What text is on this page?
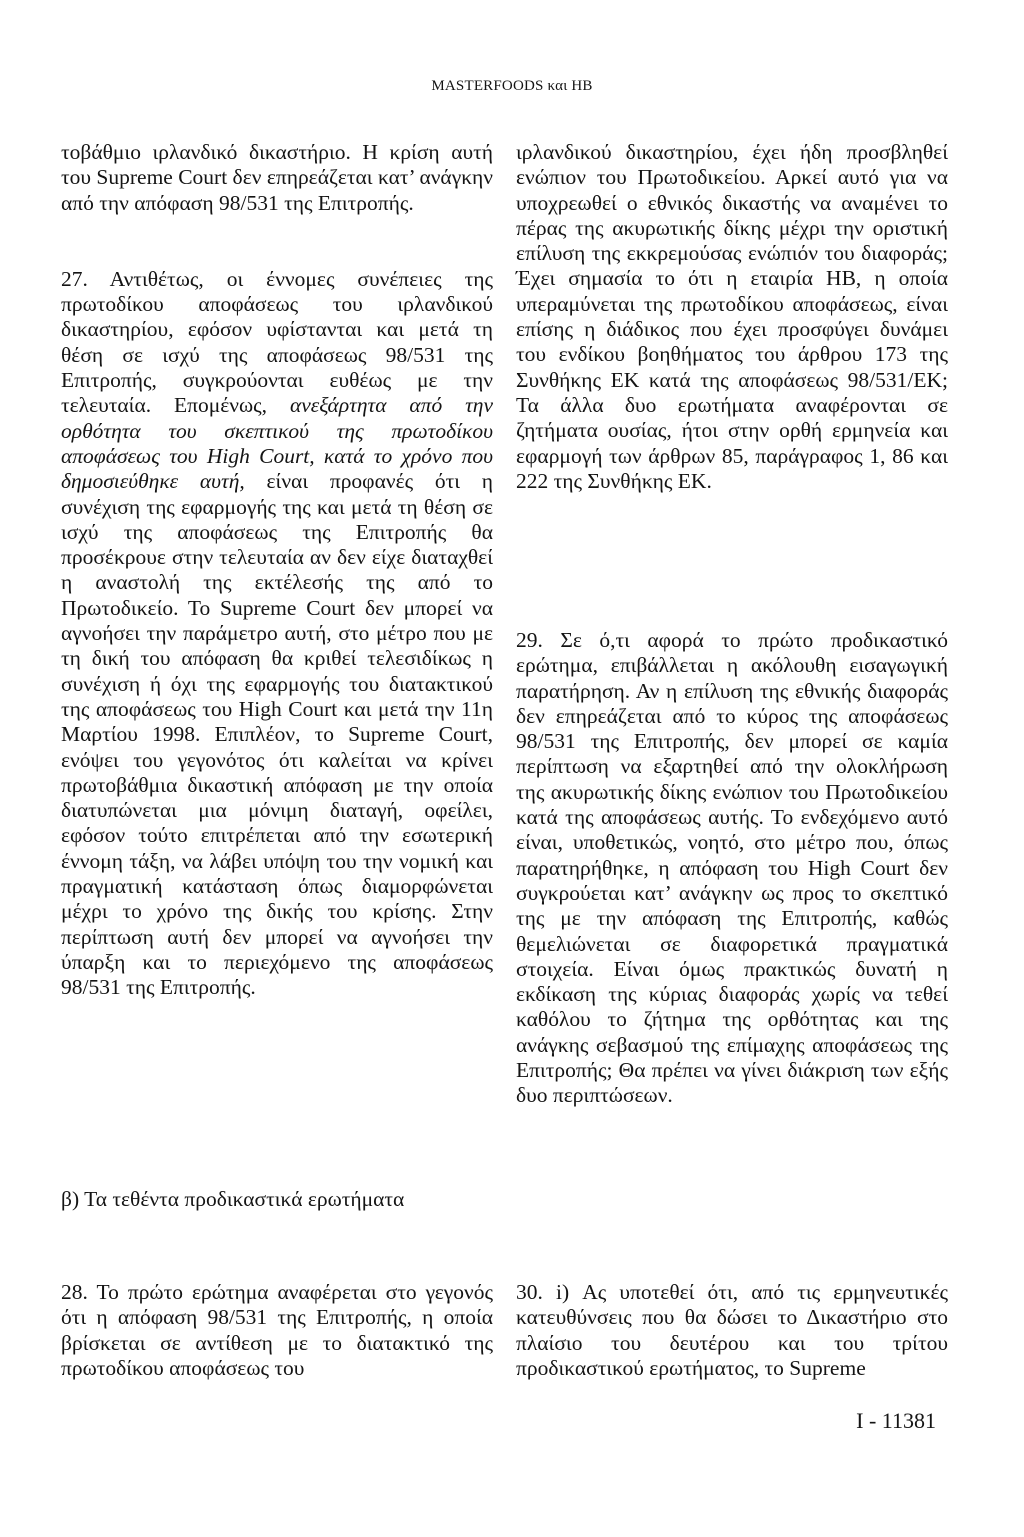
MASTERFOODS και HB

τοβάθμιο ιρλανδικό δικαστήριο. Η κρίση αυτή του Supreme Court δεν επηρεάζεται κατ’ ανάγκην από την απόφαση 98/531 της Επιτροπής.

27. Αντιθέτως, οι έννομες συνέπειες της πρωτοδίκου αποφάσεως του ιρλανδικού δικαστηρίου, εφόσον υφίστανται και μετά τη θέση σε ισχύ της αποφάσεως 98/531 της Επιτροπής, συγκρούονται ευθέως με την τελευταία. Επομένως, ανεξάρτητα από την ορθότητα του σκεπτικού της πρωτοδίκου αποφάσεως του High Court, κατά το χρόνο που δημοσιεύθηκε αυτή, είναι προφανές ότι η συνέχιση της εφαρμογής της και μετά τη θέση σε ισχύ της αποφάσεως της Επιτροπής θα προσέκρουε στην τελευταία αν δεν είχε διαταχθεί η αναστολή της εκτέλεσής της από το Πρωτοδικείο. Το Supreme Court δεν μπορεί να αγνοήσει την παράμετρο αυτή, στο μέτρο που με τη δική του απόφαση θα κριθεί τελεσιδίκως η συνέχιση ή όχι της εφαρμογής του διατακτικού της αποφάσεως του High Court και μετά την 11η Μαρτίου 1998. Επιπλέον, το Supreme Court, ενόψει του γεγονότος ότι καλείται να κρίνει πρωτοβάθμια δικαστική απόφαση με την οποία διατυπώνεται μια μόνιμη διαταγή, οφείλει, εφόσον τούτο επιτρέπεται από την εσωτερική έννομη τάξη, να λάβει υπόψη του την νομική και πραγματική κατάσταση όπως διαμορφώνεται μέχρι το χρόνο της δικής του κρίσης. Στην περίπτωση αυτή δεν μπορεί να αγνοήσει την ύπαρξη και το περιεχόμενο της αποφάσεως 98/531 της Επιτροπής.

β) Τα τεθέντα προδικαστικά ερωτήματα

28. Το πρώτο ερώτημα αναφέρεται στο γεγονός ότι η απόφαση 98/531 της Επιτροπής, η οποία βρίσκεται σε αντίθεση με το διατακτικό της πρωτοδίκου αποφάσεως του

ιρλανδικού δικαστηρίου, έχει ήδη προσβληθεί ενώπιον του Πρωτοδικείου. Αρκεί αυτό για να υποχρεωθεί ο εθνικός δικαστής να αναμένει το πέρας της ακυρωτικής δίκης μέχρι την οριστική επίλυση της εκκρεμούσας ενώπιόν του διαφοράς; Έχει σημασία το ότι η εταιρία HB, η οποία υπεραμύνεται της πρωτοδίκου αποφάσεως, είναι επίσης η διάδικος που έχει προσφύγει δυνάμει του ενδίκου βοηθήματος του άρθρου 173 της Συνθήκης ΕΚ κατά της αποφάσεως 98/531/ΕΚ; Τα άλλα δυο ερωτήματα αναφέρονται σε ζητήματα ουσίας, ήτοι στην ορθή ερμηνεία και εφαρμογή των άρθρων 85, παράγραφος 1, 86 και 222 της Συνθήκης ΕΚ.

29. Σε ό,τι αφορά το πρώτο προδικαστικό ερώτημα, επιβάλλεται η ακόλουθη εισαγωγική παρατήρηση. Αν η επίλυση της εθνικής διαφοράς δεν επηρεάζεται από το κύρος της αποφάσεως 98/531 της Επιτροπής, δεν μπορεί σε καμία περίπτωση να εξαρτηθεί από την ολοκλήρωση της ακυρωτικής δίκης ενώπιον του Πρωτοδικείου κατά της αποφάσεως αυτής. Το ενδεχόμενο αυτό είναι, υποθετικώς, νοητό, στο μέτρο που, όπως παρατηρήθηκε, η απόφαση του High Court δεν συγκρούεται κατ’ ανάγκην ως προς το σκεπτικό της με την απόφαση της Επιτροπής, καθώς θεμελιώνεται σε διαφορετικά πραγματικά στοιχεία. Είναι όμως πρακτικώς δυνατή η εκδίκαση της κύριας διαφοράς χωρίς να τεθεί καθόλου το ζήτημα της ορθότητας και της ανάγκης σεβασμού της επίμαχης αποφάσεως της Επιτροπής; Θα πρέπει να γίνει διάκριση των εξής δυο περιπτώσεων.

30. i) Ας υποτεθεί ότι, από τις ερμηνευτικές κατευθύνσεις που θα δώσει το Δικαστήριο στο πλαίσιο του δευτέρου και του τρίτου προδικαστικού ερωτήματος, το Supreme

I - 11381
